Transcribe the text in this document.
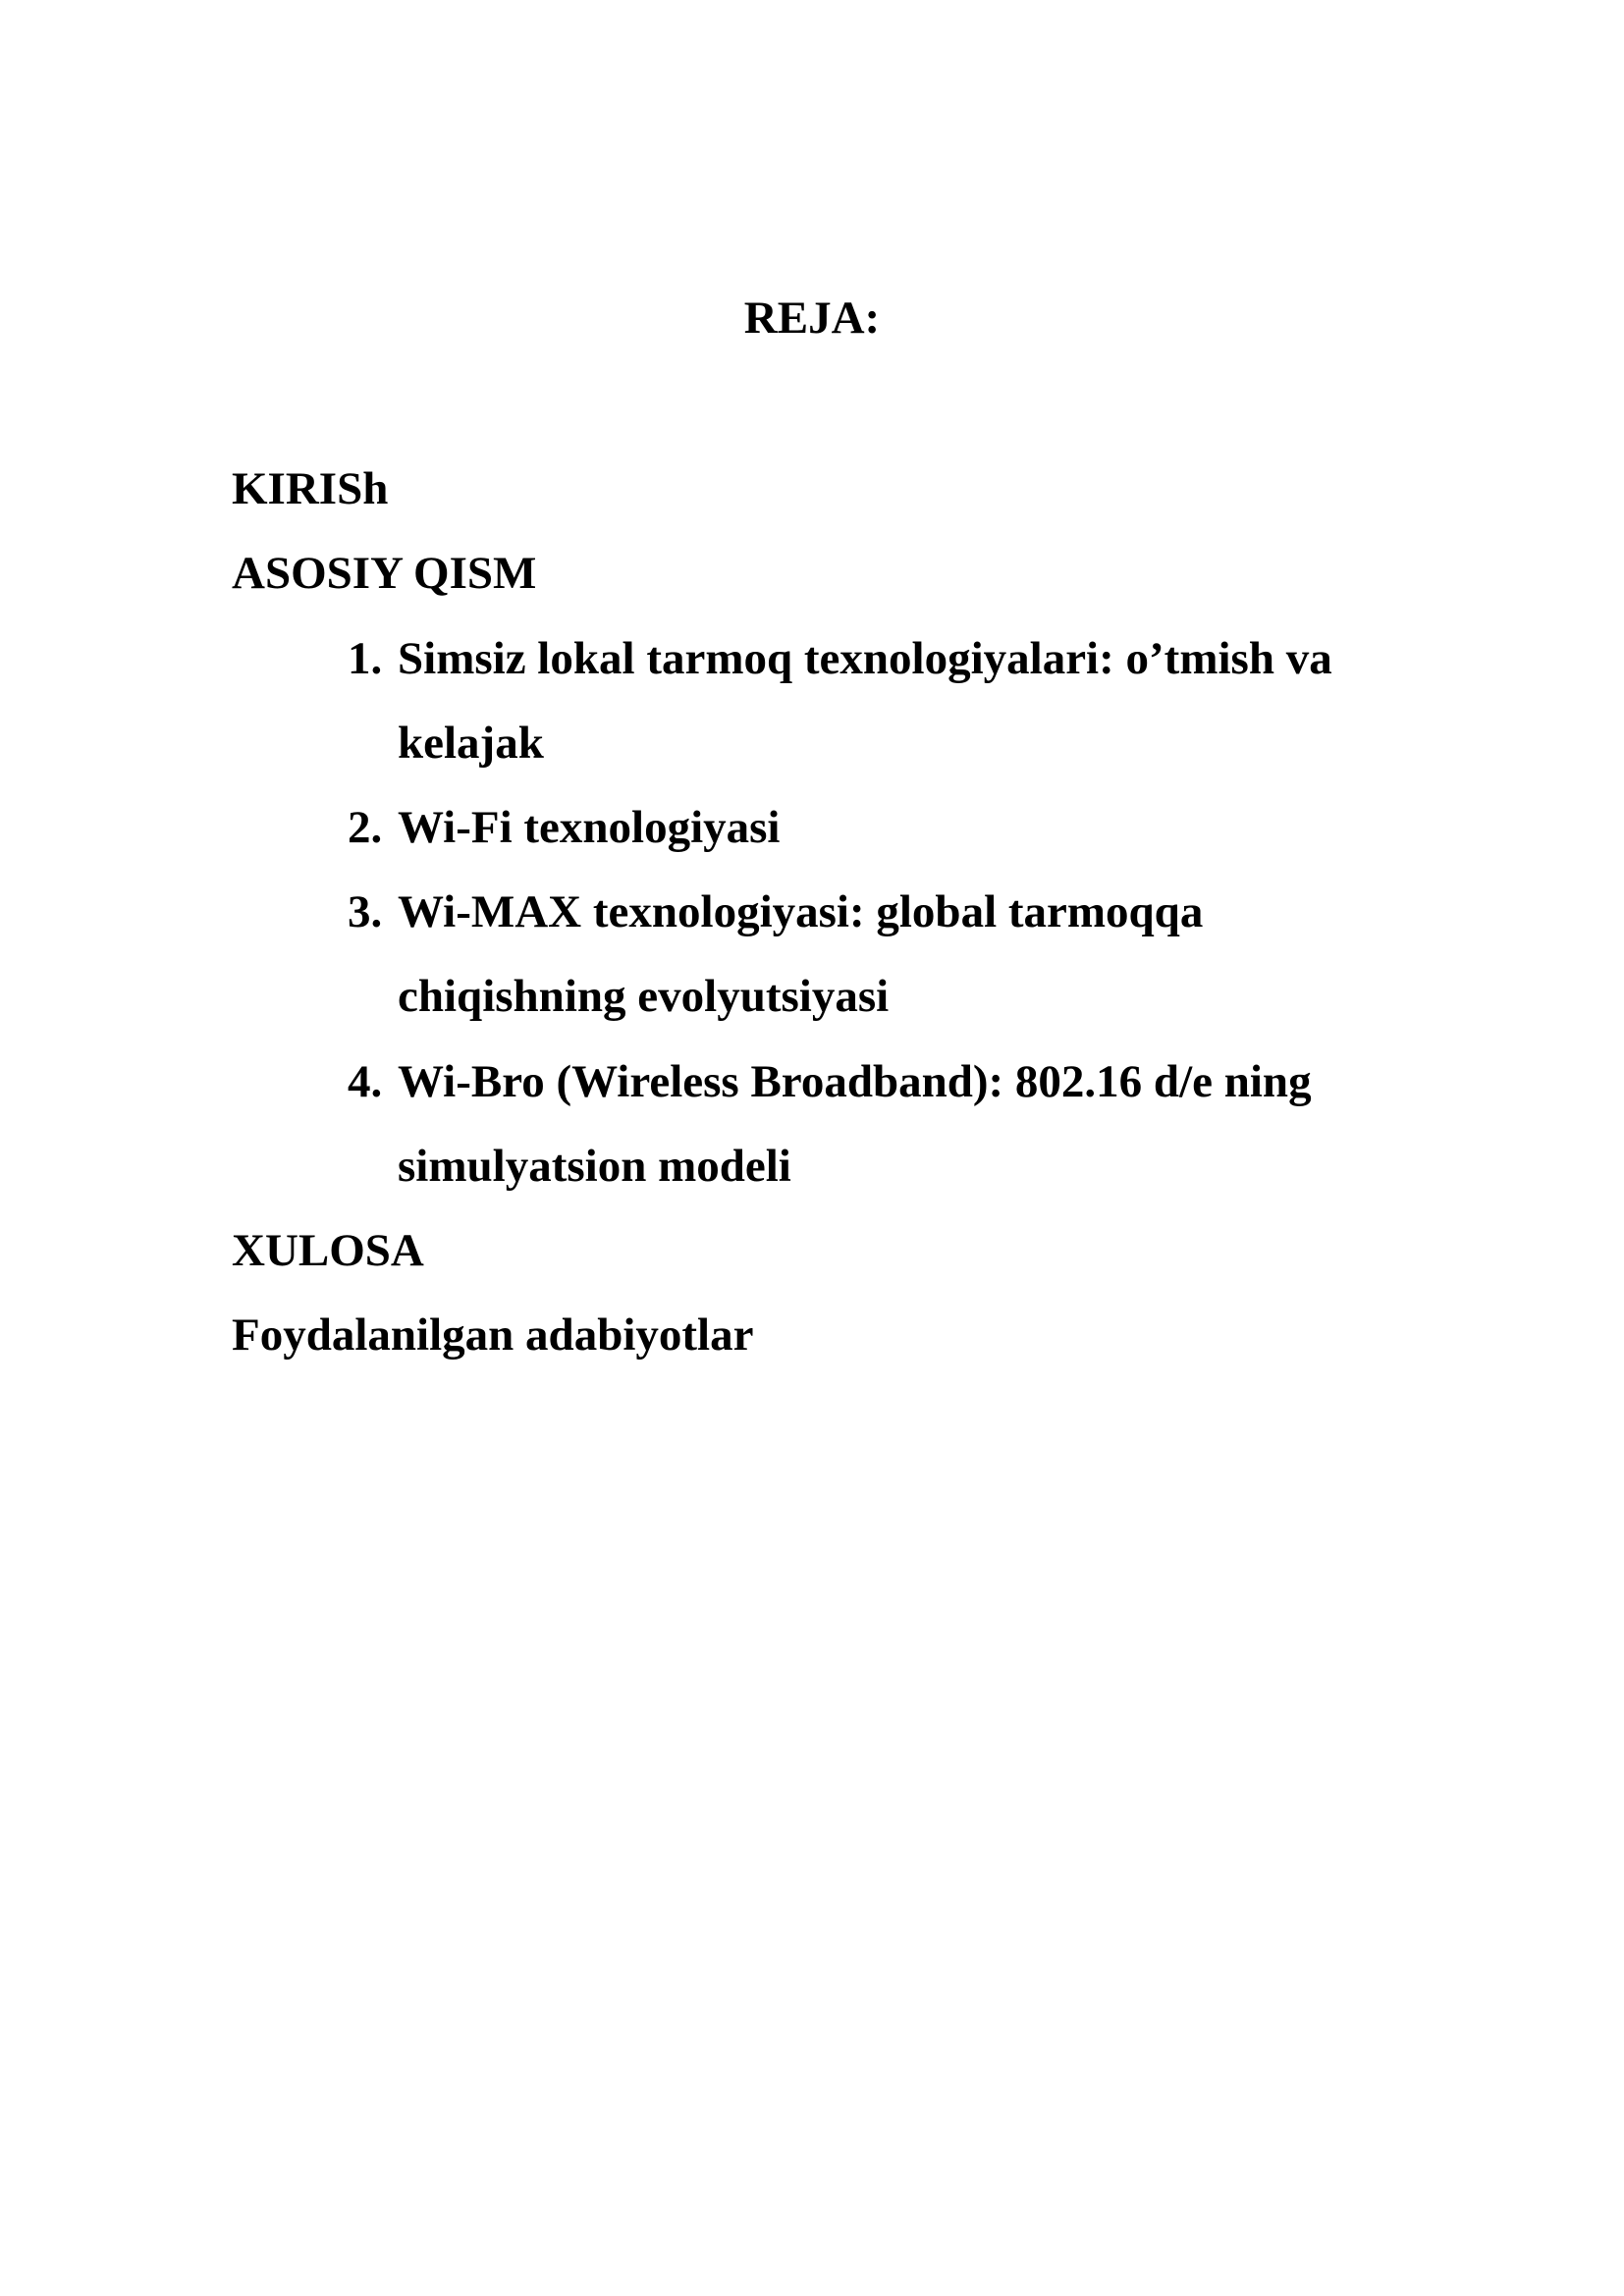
REJA:
KIRISh
ASOSIY QISM
1. Simsiz lokal tarmoq texnologiyalari: o’tmish va
kelajak
2. Wi-Fi texnologiyasi
3. Wi-MAX texnologiyasi: global tarmoqqa
chiqishning evolyutsiyasi
4. Wi-Bro (Wireless Broadband): 802.16 d/e ning
simulyatsion modeli
XULOSA
Foydalanilgan adabiyotlar
